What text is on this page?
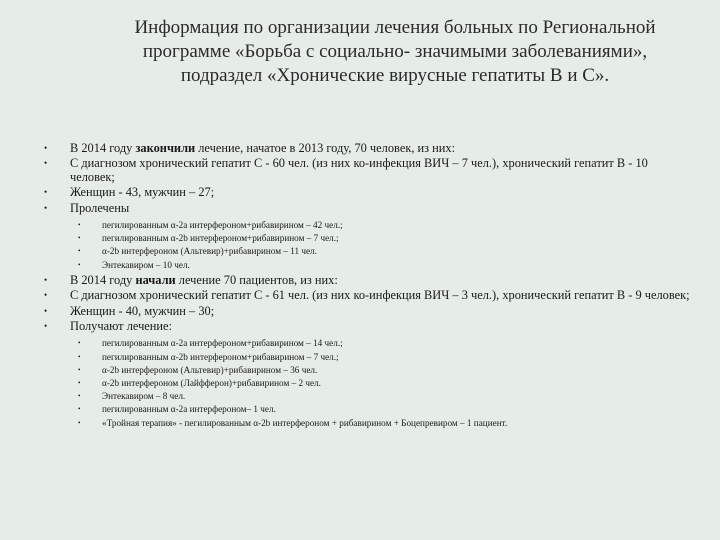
Информация по организации лечения больных по Региональной
программе «Борьба с социально- значимыми заболеваниями»,
подраздел «Хронические вирусные гепатиты В и С».
• В 2014 году закончили лечение, начатое в 2013 году, 70 человек, из них:
• С диагнозом хронический гепатит С - 60 чел. (из них ко-инфекция ВИЧ – 7 чел.), хронический гепатит В - 10 человек;
• Женщин - 43, мужчин – 27;
• Пролечены
• пегилированным α-2а интерфероном+рибавирином – 42 чел.;
• пегилированным α-2b интерфероном+рибавирином – 7 чел.;
• α-2b интерфероном (Альтевир)+рибавирином – 11 чел.
• Энтекавиром – 10 чел.
• В 2014 году начали лечение 70 пациентов, из них:
• С диагнозом хронический гепатит С - 61 чел. (из них ко-инфекция ВИЧ – 3 чел.), хронический гепатит В - 9 человек;
• Женщин - 40, мужчин – 30;
• Получают лечение:
• пегилированным α-2а интерфероном+рибавирином – 14 чел.;
• пегилированным α-2b интерфероном+рибавирином – 7 чел.;
• α-2b интерфероном (Альтевир)+рибавирином – 36 чел.
• α-2b интерфероном (Лайфферон)+рибавирином – 2 чел.
• Энтекавиром – 8 чел.
• пегилированным α-2а интерфероном– 1 чел.
• «Тройная терапия» - пегилированным α-2b интерфероном + рибавирином + Боцепревиром – 1 пациент.
